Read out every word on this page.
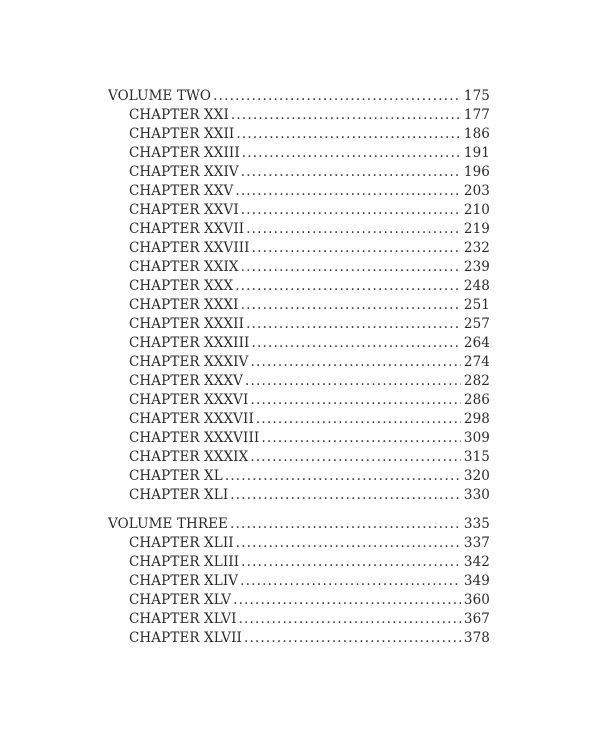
VOLUME TWO .....	175
CHAPTER XXI .....	177
CHAPTER XXII .....	186
CHAPTER XXIII .....	191
CHAPTER XXIV .....	196
CHAPTER XXV .....	203
CHAPTER XXVI .....	210
CHAPTER XXVII .....	219
CHAPTER XXVIII .....	232
CHAPTER XXIX .....	239
CHAPTER XXX .....	248
CHAPTER XXXI .....	251
CHAPTER XXXII .....	257
CHAPTER XXXIII .....	264
CHAPTER XXXIV .....	274
CHAPTER XXXV .....	282
CHAPTER XXXVI .....	286
CHAPTER XXXVII .....	298
CHAPTER XXXVIII .....	309
CHAPTER XXXIX .....	315
CHAPTER XL .....	320
CHAPTER XLI .....	330
VOLUME THREE .....	335
CHAPTER XLII .....	337
CHAPTER XLIII .....	342
CHAPTER XLIV .....	349
CHAPTER XLV .....	360
CHAPTER XLVI .....	367
CHAPTER XLVII .....	378
